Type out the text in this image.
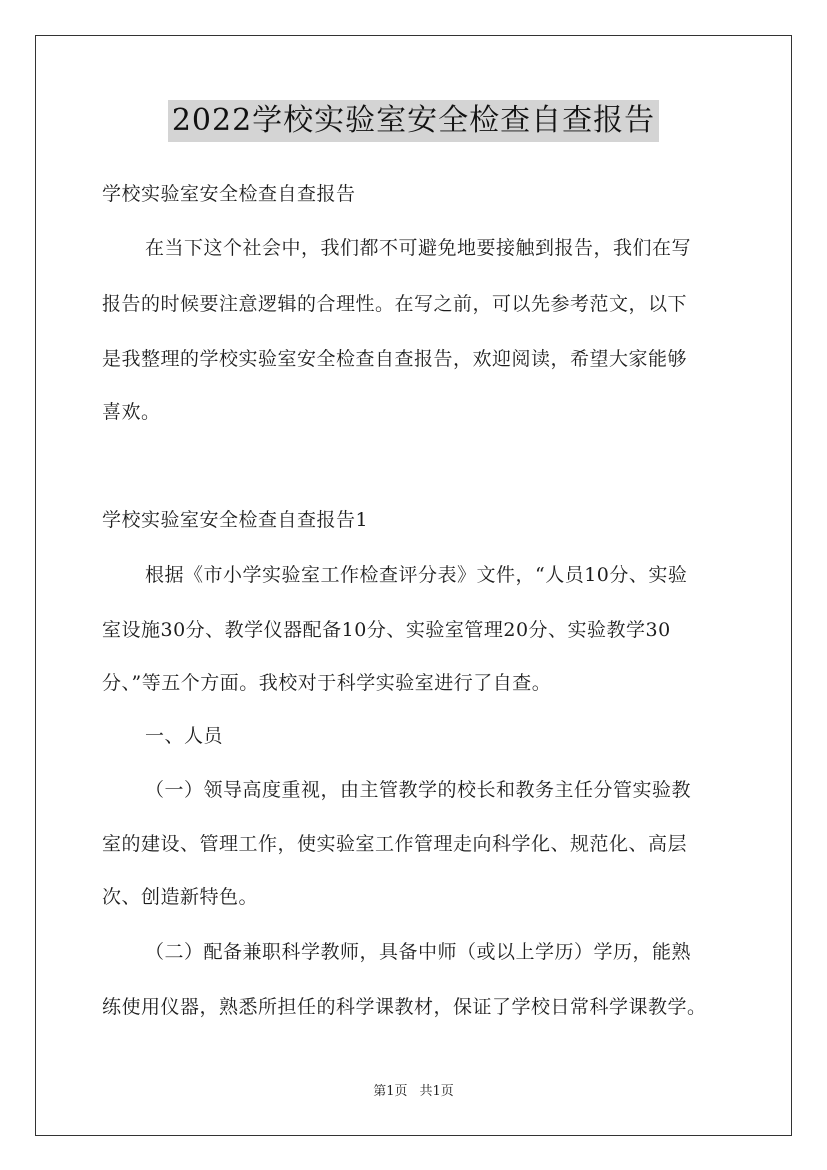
2022学校实验室安全检查自查报告
学校实验室安全检查自查报告
在当下这个社会中，我们都不可避免地要接触到报告，我们在写
报告的时候要注意逻辑的合理性。在写之前，可以先参考范文，以下
是我整理的学校实验室安全检查自查报告，欢迎阅读，希望大家能够
喜欢。
学校实验室安全检查自查报告1
根据《市小学实验室工作检查评分表》文件，“人员10分、实验
室设施30分、教学仪器配备10分、实验室管理20分、实验教学30
分、”等五个方面。我校对于科学实验室进行了自查。
一、人员
（一）领导高度重视，由主管教学的校长和教务主任分管实验教
室的建设、管理工作，使实验室工作管理走向科学化、规范化、高层
次、创造新特色。
（二）配备兼职科学教师，具备中师（或以上学历）学历，能熟
练使用仪器，熟悉所担任的科学课教材，保证了学校日常科学课教学。
第1页 共1页
